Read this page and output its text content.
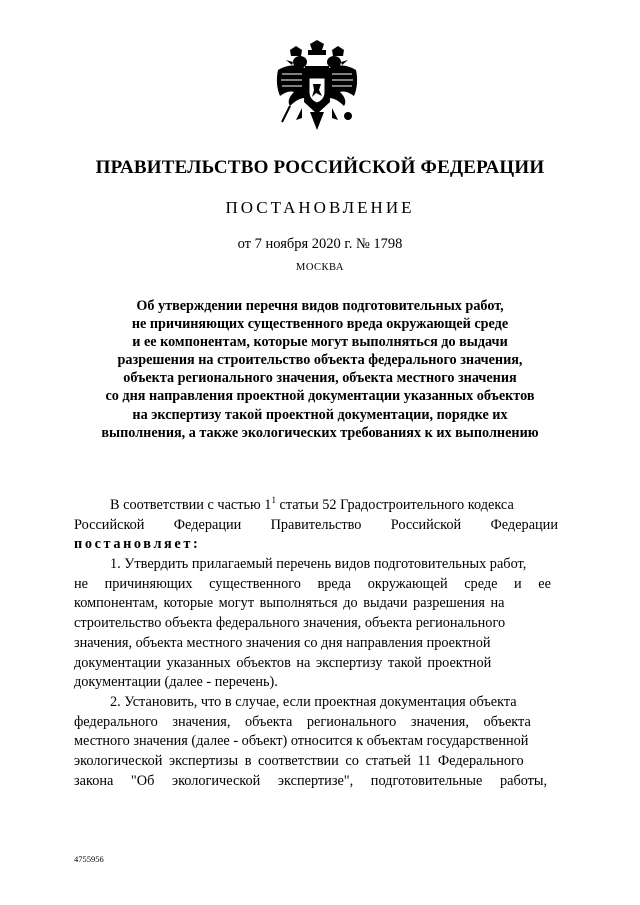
ПРАВИТЕЛЬСТВО РОССИЙСКОЙ ФЕДЕРАЦИИ
ПОСТАНОВЛЕНИЕ
от 7 ноября 2020 г. № 1798
МОСКВА
Об утверждении перечня видов подготовительных работ,
не причиняющих существенного вреда окружающей среде
и ее компонентам, которые могут выполняться до выдачи
разрешения на строительство объекта федерального значения,
объекта регионального значения, объекта местного значения
со дня направления проектной документации указанных объектов
на экспертизу такой проектной документации, порядке их
выполнения, а также экологических требованиях к их выполнению
В соответствии с частью $1^1$ статьи 52 Градостроительного кодекса
Российской Федерации Правительство Российской Федерации
постановляет:
1. Утвердить прилагаемый перечень видов подготовительных работ,
не причиняющих существенного вреда окружающей среде и ее
компонентам, которые могут выполняться до выдачи разрешения на
строительство объекта федерального значения, объекта регионального
значения, объекта местного значения со дня направления проектной
документации указанных объектов на экспертизу такой проектной
документации (далее - перечень).
2. Установить, что в случае, если проектная документация объекта
федерального значения, объекта регионального значения, объекта
местного значения (далее - объект) относится к объектам государственной
экологической экспертизы в соответствии со статьей 11 Федерального
закона "Об экологической экспертизе", подготовительные работы,
4755956
